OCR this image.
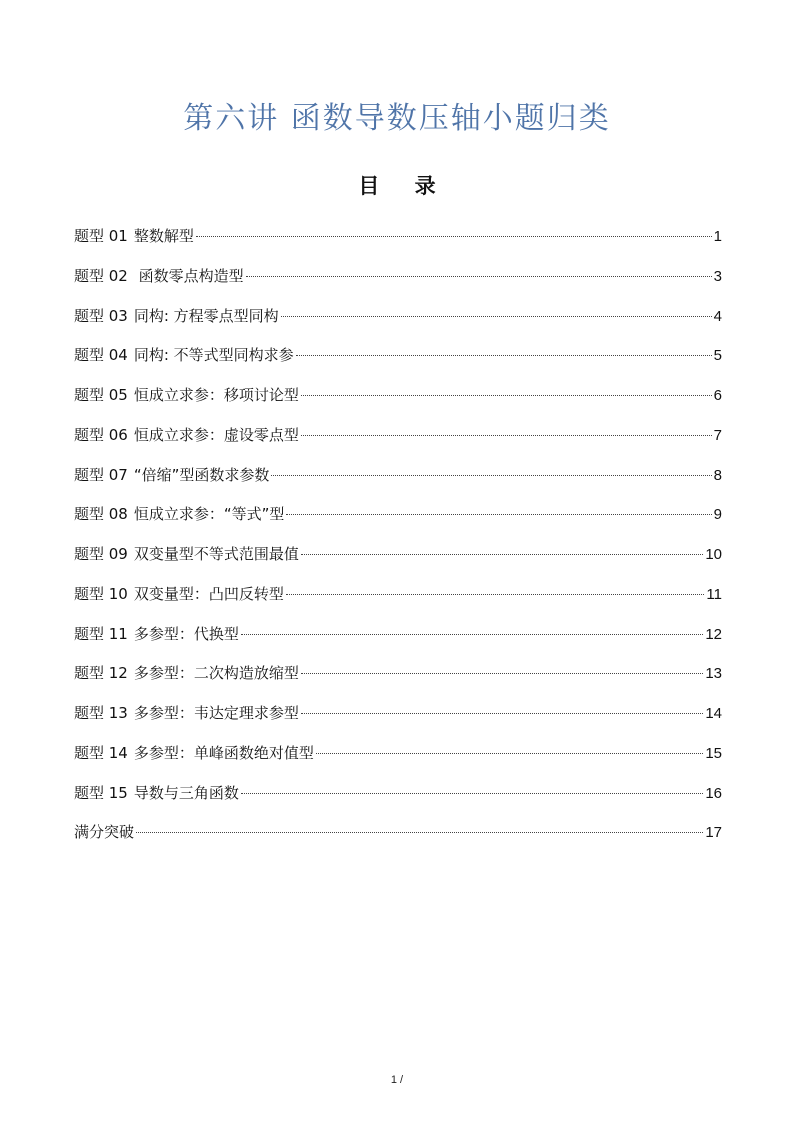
第六讲 函数导数压轴小题归类
目 录
题型 01 整数解型	1
题型 02 函数零点构造型	3
题型 03 同构: 方程零点型同构	4
题型 04 同构: 不等式型同构求参	5
题型 05 恒成立求参：移项讨论型	6
题型 06 恒成立求参：虚设零点型	7
题型 07 “倍缩”型函数求参数	8
题型 08 恒成立求参：“等式”型	9
题型 09 双变量型不等式范围最值	10
题型 10 双变量型：凸凹反转型	11
题型 11 多参型：代换型	12
题型 12 多参型：二次构造放缩型	13
题型 13 多参型：韦达定理求参型	14
题型 14 多参型：单峰函数绝对值型	15
题型 15 导数与三角函数	16
满分突破	17
1 /
